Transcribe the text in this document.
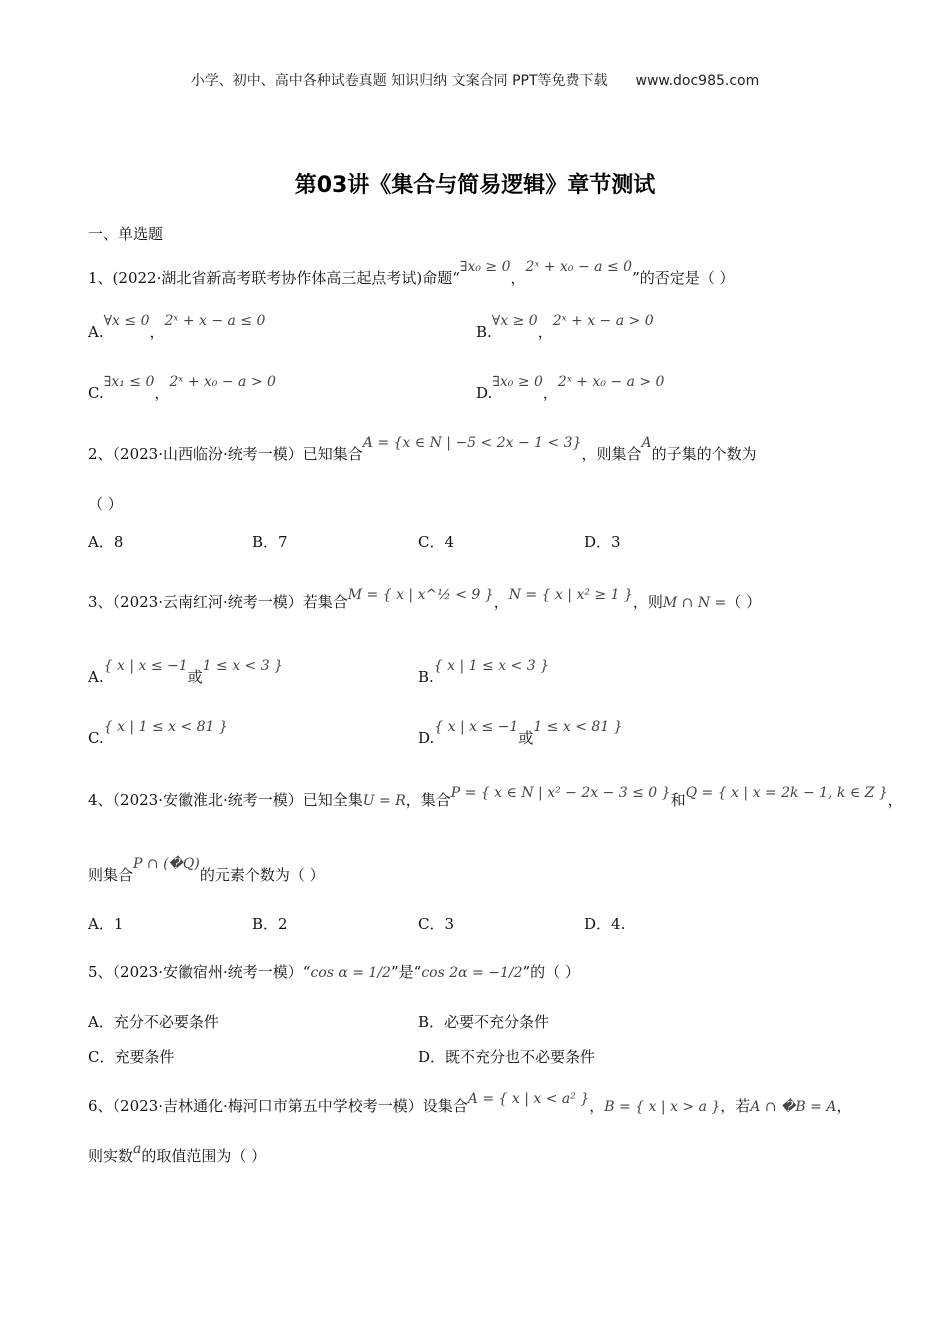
小学、初中、高中各种试卷真题 知识归纳 文案合同 PPT等免费下载 www.doc985.com
第03讲《集合与简易逻辑》章节测试
一、单选题
1、(2022·湖北省新高考联考协作体高三起点考试)命题“∃x₀ ≥ 0，2ˣ + x₀ − a ≤ 0”的否定是（ ）
A.∀x ≤ 0，2ˣ + x − a ≤ 0
B.∀x ≥ 0，2ˣ + x − a > 0
C.∃x₁ ≤ 0，2ˣ + x₀ − a > 0
D.∃x₀ ≥ 0，2ˣ + x₀ − a > 0
2、（2023·山西临汾·统考一模）已知集合A = {x ∈ N | −5 < 2x − 1 < 3}，则集合A的子集的个数为
（ ）
A．8	B．7	C．4	D．3
3、（2023·云南红河·统考一模）若集合M = { x | x^½ < 9 }，N = { x | x² ≥ 1 }，则M ∩ N =（ ）
A.{ x | x ≤ −1或1 ≤ x < 3 }
B.{ x | 1 ≤ x < 3 }
C.{ x | 1 ≤ x < 81 }
D.{ x | x ≤ −1或1 ≤ x < 81 }
4、（2023·安徽淮北·统考一模）已知全集U = R，集合P = { x ∈ N | x² − 2x − 3 ≤ 0 }和Q = { x | x = 2k − 1, k ∈ Z }，
则集合P ∩ (�Q)的元素个数为（ ）
A．1	B．2	C．3	D．4.
5、（2023·安徽宿州·统考一模）“cos α = 1/2”是“cos 2α = −1/2”的（ ）
A．充分不必要条件	B．必要不充分条件
C．充要条件	D．既不充分也不必要条件
6、（2023·吉林通化·梅河口市第五中学校考一模）设集合A = { x | x < a² }，B = { x | x > a }，若A ∩ �B = A，
则实数a的取值范围为（ ）
